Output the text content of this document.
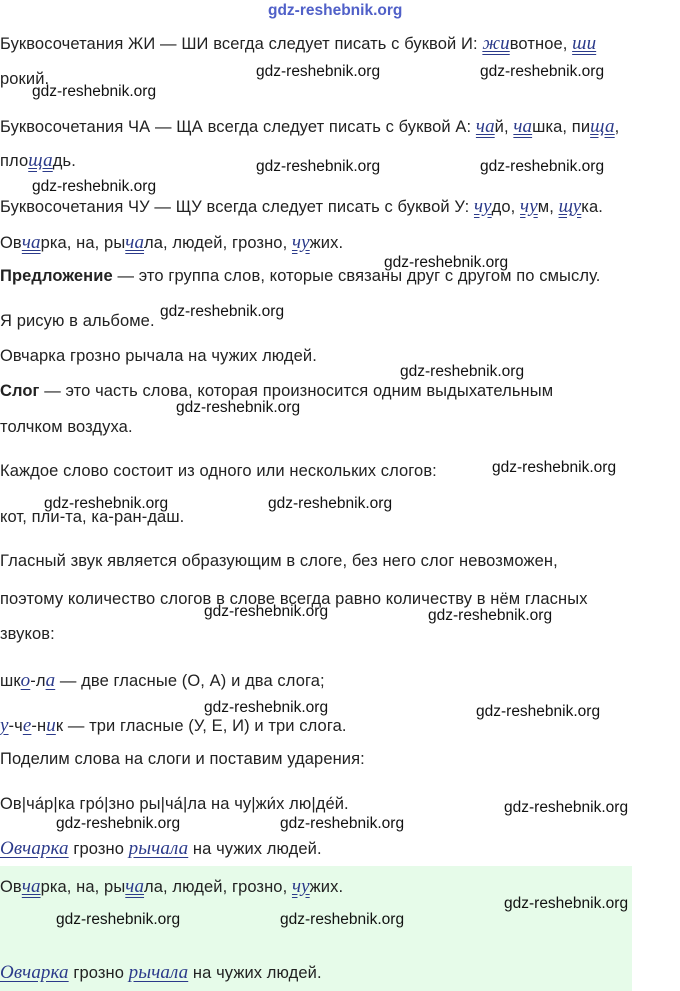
Буквосочетания ЖИ — ШИ всегда следует писать с буквой И: животное, ши
рокий.
Буквосочетания ЧА — ЩА всегда следует писать с буквой А: чай, чашка, пища,
площадь.
Буквосочетания ЧУ — ЩУ всегда следует писать с буквой У: чудо, чум, щука.
Овчарка, на, рычала, людей, грозно, чужих.
Предложение — это группа слов, которые связаны друг с другом по смыслу.
Я рисую в альбоме.
Овчарка грозно рычала на чужих людей.
Слог — это часть слова, которая произносится одним выдыхательным
толчком воздуха.
Каждое слово состоит из одного или нескольких слогов:
кот, пли-та, ка-ран-даш.
Гласный звук является образующим в слоге, без него слог невозможен,
поэтому количество слогов в слове всегда равно количеству в нём гласных
звуков:
шко-ла — две гласные (О, А) и два слога;
у-че-ник — три гласные (У, Е, И) и три слога.
Поделим слова на слоги и поставим ударения:
Ов|ча́р|ка гро́|зно ры|ча́|ла на чу|жи́х лю|де́й.
Овчарка грозно рычала на чужих людей.
Овчарка, на, рычала, людей, грозно, чужих.
Овчарка грозно рычала на чужих людей.
gdz-reshebnik.org
gdz-reshebnik.org	gdz-reshebnik.org
gdz-reshebnik.org
gdz-reshebnik.org	gdz-reshebnik.org
gdz-reshebnik.org
gdz-reshebnik.org
gdz-reshebnik.org
gdz-reshebnik.org
gdz-reshebnik.org
gdz-reshebnik.org
gdz-reshebnik.org	gdz-reshebnik.org
gdz-reshebnik.org	gdz-reshebnik.org
gdz-reshebnik.org	gdz-reshebnik.org
gdz-reshebnik.org
gdz-reshebnik.org	gdz-reshebnik.org
gdz-reshebnik.org
gdz-reshebnik.org	gdz-reshebnik.org
